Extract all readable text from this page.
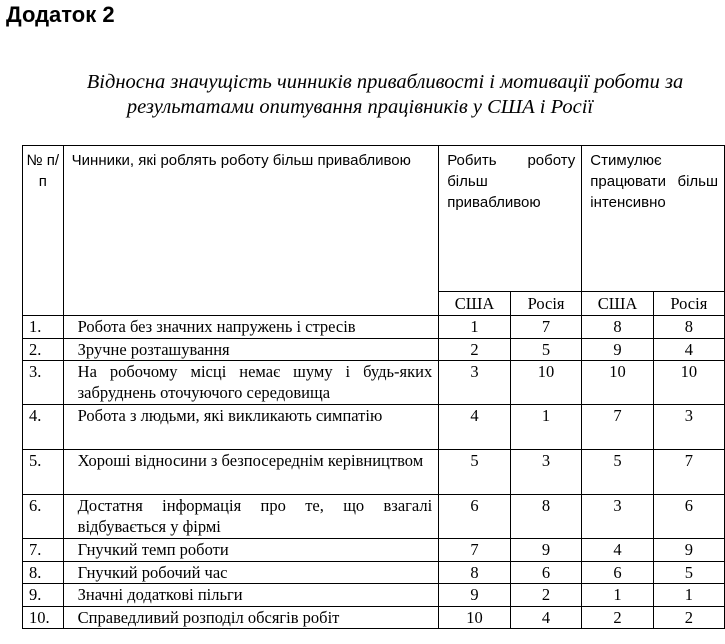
Додаток 2
Відносна значущість чинників привабливості і мотивації роботи за
результатами опитування працівників у США і Росії
№ п/п	Чинники, які роблять роботу більш привабливою	Робить роботу більш привабливою		Стимулює працювати більш інтенсивно	
		США	Росія	США	Росія
1.	Робота без значних напружень і стресів	1	7	8	8
2.	Зручне розташування	2	5	9	4
3.	На робочому місці немає шуму і будь-яких забруднень оточуючого середовища	3	10	10	10
4.	Робота з людьми, які викликають симпатію	4	1	7	3
5.	Хороші відносини з безпосереднім керівництвом	5	3	5	7
6.	Достатня інформація про те, що взагалі відбувається у фірмі	6	8	3	6
7.	Гнучкий темп роботи	7	9	4	9
8.	Гнучкий робочий час	8	6	6	5
9.	Значні додаткові пільги	9	2	1	1
10.	Справедливий розподіл обсягів робіт	10	4	2	2
